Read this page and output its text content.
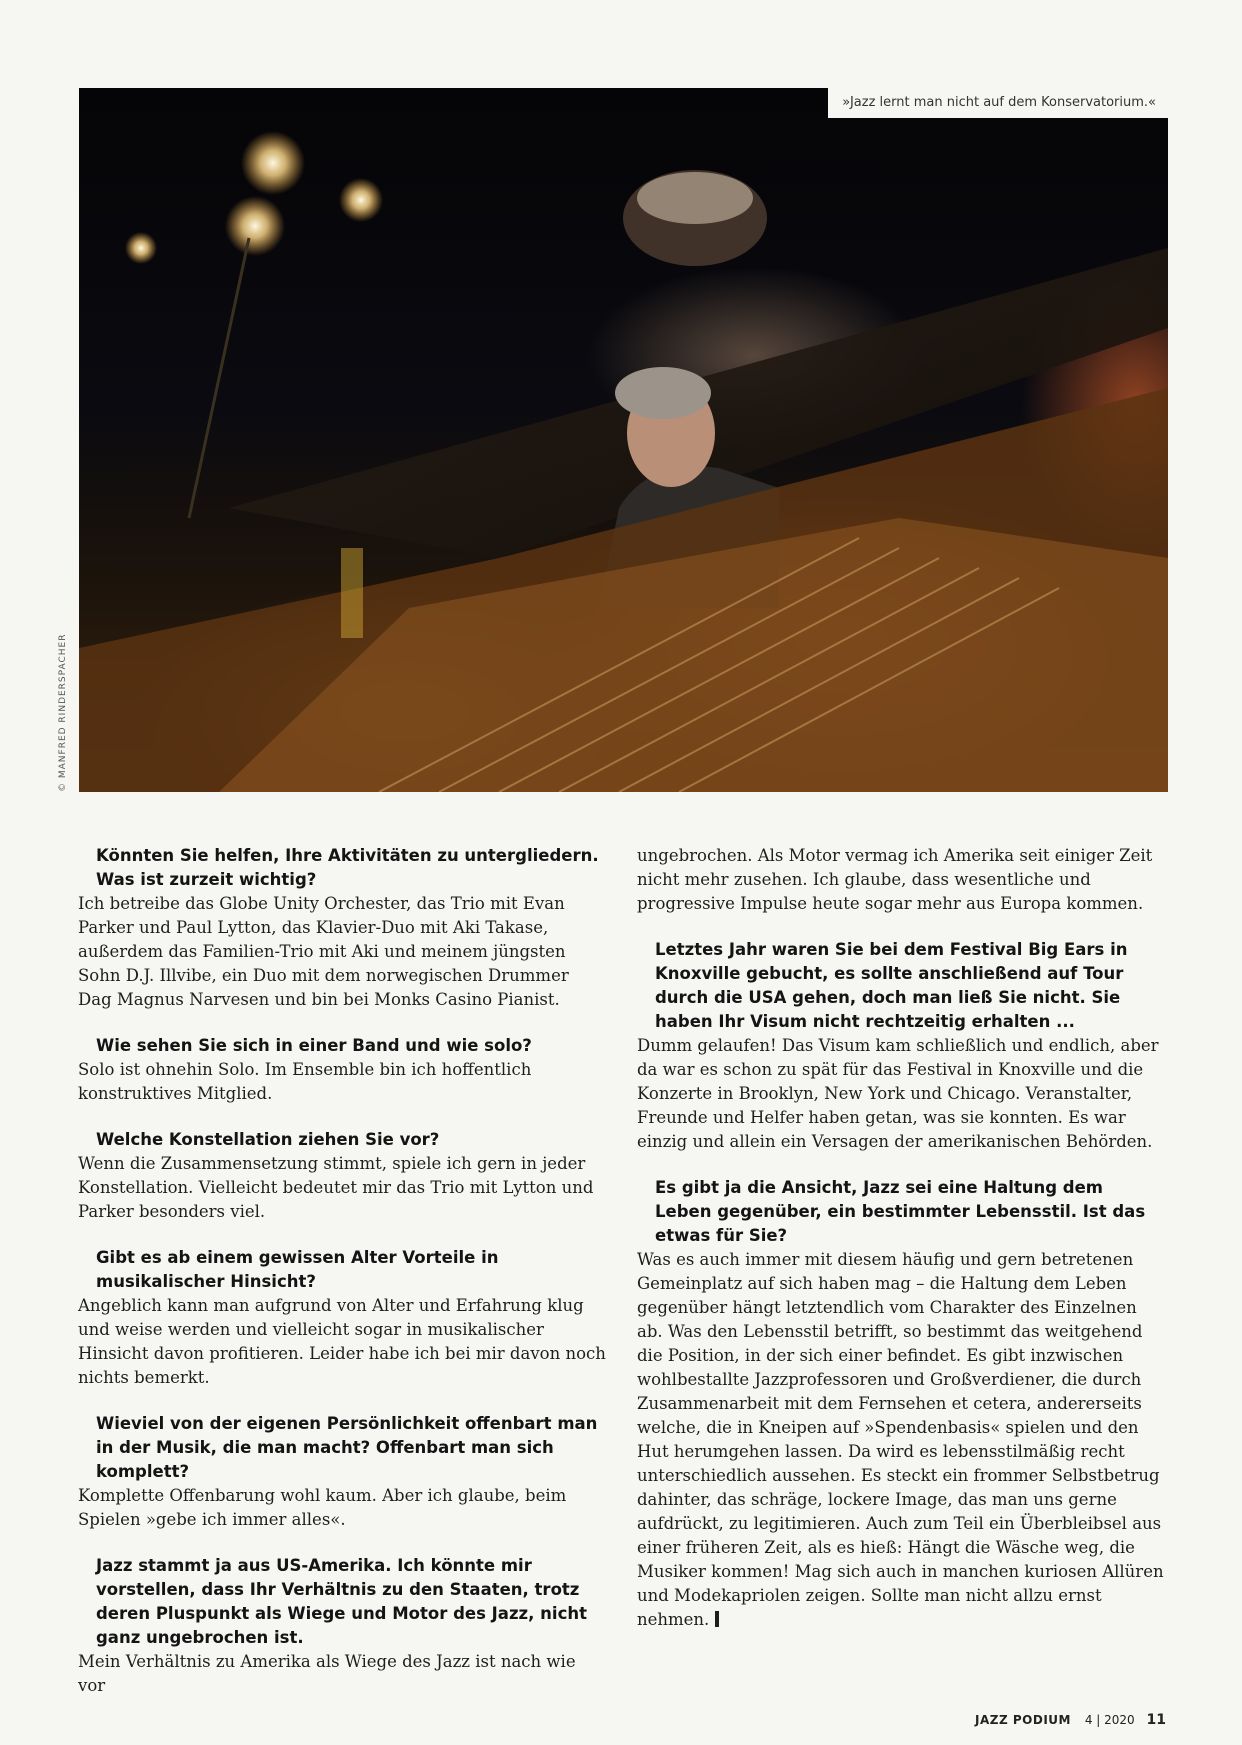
»Jazz lernt man nicht auf dem Konservatorium.«
© MANFRED RINDERSPACHER

Könnten Sie helfen, Ihre Aktivitäten zu untergliedern. Was ist zurzeit wichtig?

Ich betreibe das Globe Unity Orchester, das Trio mit Evan Parker und Paul Lytton, das Klavier-Duo mit Aki Takase, außerdem das Familien-Trio mit Aki und meinem jüngsten Sohn D.J. Illvibe, ein Duo mit dem norwegischen Drummer Dag Magnus Narvesen und bin bei Monks Casino Pianist.

Wie sehen Sie sich in einer Band und wie solo?

Solo ist ohnehin Solo. Im Ensemble bin ich hoffentlich konstruktives Mitglied.

Welche Konstellation ziehen Sie vor?

Wenn die Zusammensetzung stimmt, spiele ich gern in jeder Konstellation. Vielleicht bedeutet mir das Trio mit Lytton und Parker besonders viel.

Gibt es ab einem gewissen Alter Vorteile in musikalischer Hinsicht?

Angeblich kann man aufgrund von Alter und Erfahrung klug und weise werden und vielleicht sogar in musikalischer Hinsicht davon profitieren. Leider habe ich bei mir davon noch nichts bemerkt.

Wieviel von der eigenen Persönlichkeit offenbart man in der Musik, die man macht? Offenbart man sich komplett?

Komplette Offenbarung wohl kaum. Aber ich glaube, beim Spielen »gebe ich immer alles«.

Jazz stammt ja aus US-Amerika. Ich könnte mir vorstellen, dass Ihr Verhältnis zu den Staaten, trotz deren Pluspunkt als Wiege und Motor des Jazz, nicht ganz ungebrochen ist.

Mein Verhältnis zu Amerika als Wiege des Jazz ist nach wie vor

ungebrochen. Als Motor vermag ich Amerika seit einiger Zeit nicht mehr zusehen. Ich glaube, dass wesentliche und progressive Impulse heute sogar mehr aus Europa kommen.

Letztes Jahr waren Sie bei dem Festival Big Ears in Knoxville gebucht, es sollte anschließend auf Tour durch die USA gehen, doch man ließ Sie nicht. Sie haben Ihr Visum nicht rechtzeitig erhalten ...

Dumm gelaufen! Das Visum kam schließlich und endlich, aber da war es schon zu spät für das Festival in Knoxville und die Konzerte in Brooklyn, New York und Chicago. Veranstalter, Freunde und Helfer haben getan, was sie konnten. Es war einzig und allein ein Versagen der amerikanischen Behörden.

Es gibt ja die Ansicht, Jazz sei eine Haltung dem Leben gegenüber, ein bestimmter Lebensstil. Ist das etwas für Sie?

Was es auch immer mit diesem häufig und gern betretenen Gemeinplatz auf sich haben mag – die Haltung dem Leben gegenüber hängt letztendlich vom Charakter des Einzelnen ab. Was den Lebensstil betrifft, so bestimmt das weitgehend die Position, in der sich einer befindet. Es gibt inzwischen wohlbestallte Jazzprofessoren und Großverdiener, die durch Zusammenarbeit mit dem Fernsehen et cetera, andererseits welche, die in Kneipen auf »Spendenbasis« spielen und den Hut herumgehen lassen. Da wird es lebensstilmäßig recht unterschiedlich aussehen. Es steckt ein frommer Selbstbetrug dahinter, das schräge, lockere Image, das man uns gerne aufdrückt, zu legitimieren. Auch zum Teil ein Überbleibsel aus einer früheren Zeit, als es hieß: Hängt die Wäsche weg, die Musiker kommen! Mag sich auch in manchen kuriosen Allüren und Modekapriolen zeigen. Sollte man nicht allzu ernst nehmen.

JAZZ PODIUM 4 | 2020 11
